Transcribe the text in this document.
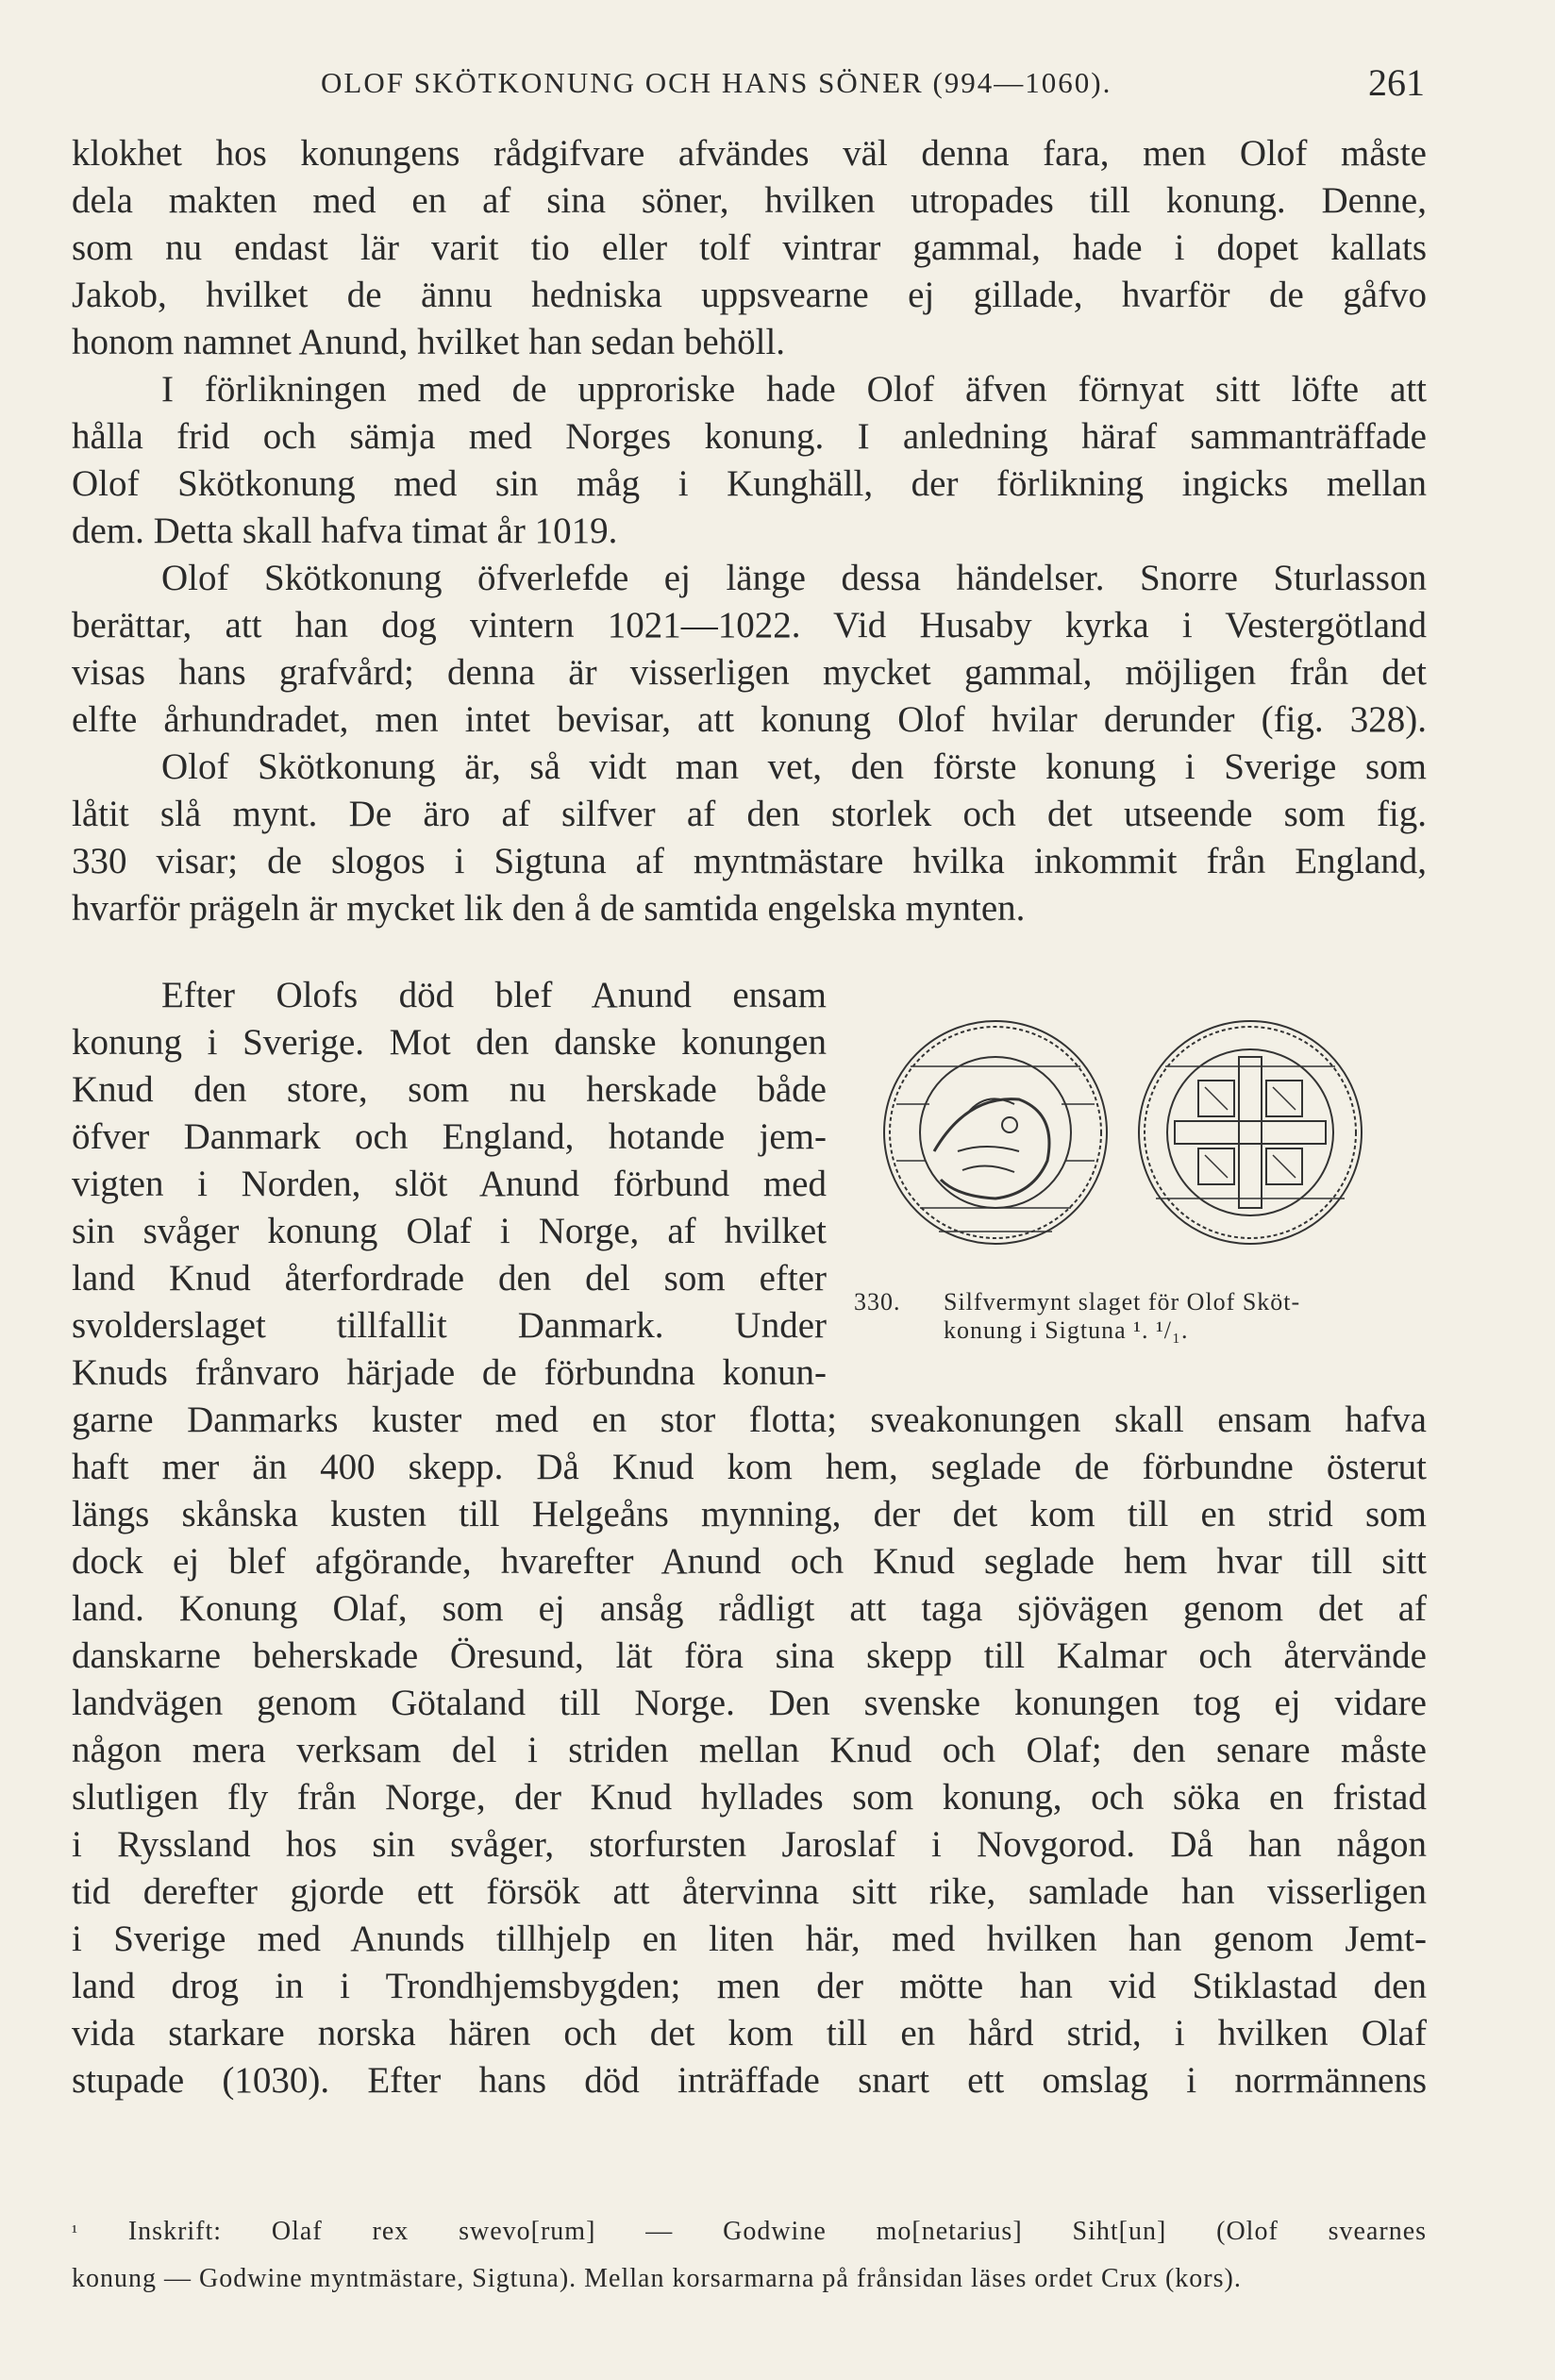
OLOF SKÖTKONUNG OCH HANS SÖNER (994—1060).	261
klokhet hos konungens rådgifvare afvändes väl denna fara, men Olof måste
dela makten med en af sina söner, hvilken utropades till konung. Denne,
som nu endast lär varit tio eller tolf vintrar gammal, hade i dopet kallats
Jakob, hvilket de ännu hedniska uppsvearne ej gillade, hvarför de gåfvo
honom namnet Anund, hvilket han sedan behöll.
I förlikningen med de upproriske hade Olof äfven förnyat sitt löfte att
hålla frid och sämja med Norges konung. I anledning häraf sammanträffade
Olof Skötkonung med sin måg i Kunghäll, der förlikning ingicks mellan
dem. Detta skall hafva timat år 1019.
Olof Skötkonung öfverlefde ej länge dessa händelser. Snorre Sturlasson
berättar, att han dog vintern 1021—1022. Vid Husaby kyrka i Vestergötland
visas hans grafvård; denna är visserligen mycket gammal, möjligen från det
elfte århundradet, men intet bevisar, att konung Olof hvilar derunder (fig. 328).
Olof Skötkonung är, så vidt man vet, den förste konung i Sverige som
låtit slå mynt. De äro af silfver af den storlek och det utseende som fig.
330 visar; de slogos i Sigtuna af myntmästare hvilka inkommit från England,
hvarför prägeln är mycket lik den å de samtida engelska mynten.
Efter Olofs död blef Anund ensam
konung i Sverige. Mot den danske konungen
Knud den store, som nu herskade både
öfver Danmark och England, hotande jem-
vigten i Norden, slöt Anund förbund med
sin svåger konung Olaf i Norge, af hvilket
land Knud återfordrade den del som efter
svolderslaget tillfallit Danmark. Under
Knuds frånvaro härjade de förbundna konun-
330. Silfvermynt slaget för Olof Sköt-
konung i Sigtuna ¹. ¹/₁.
garne Danmarks kuster med en stor flotta; sveakonungen skall ensam hafva
haft mer än 400 skepp. Då Knud kom hem, seglade de förbundne österut
längs skånska kusten till Helgeåns mynning, der det kom till en strid som
dock ej blef afgörande, hvarefter Anund och Knud seglade hem hvar till sitt
land. Konung Olaf, som ej ansåg rådligt att taga sjövägen genom det af
danskarne beherskade Öresund, lät föra sina skepp till Kalmar och återvände
landvägen genom Götaland till Norge. Den svenske konungen tog ej vidare
någon mera verksam del i striden mellan Knud och Olaf; den senare måste
slutligen fly från Norge, der Knud hyllades som konung, och söka en fristad
i Ryssland hos sin svåger, storfursten Jaroslaf i Novgorod. Då han någon
tid derefter gjorde ett försök att återvinna sitt rike, samlade han visserligen
i Sverige med Anunds tillhjelp en liten här, med hvilken han genom Jemt-
land drog in i Trondhjemsbygden; men der mötte han vid Stiklastad den
vida starkare norska hären och det kom till en hård strid, i hvilken Olaf
stupade (1030). Efter hans död inträffade snart ett omslag i norrmännens
$^{^1}$ Inskrift: Olaf rex swevo[rum] — Godwine mo[netarius] Siht[un] (Olof svearnes
konung — Godwine myntmästare, Sigtuna). Mellan korsarmarna på frånsidan läses ordet Crux (kors).
